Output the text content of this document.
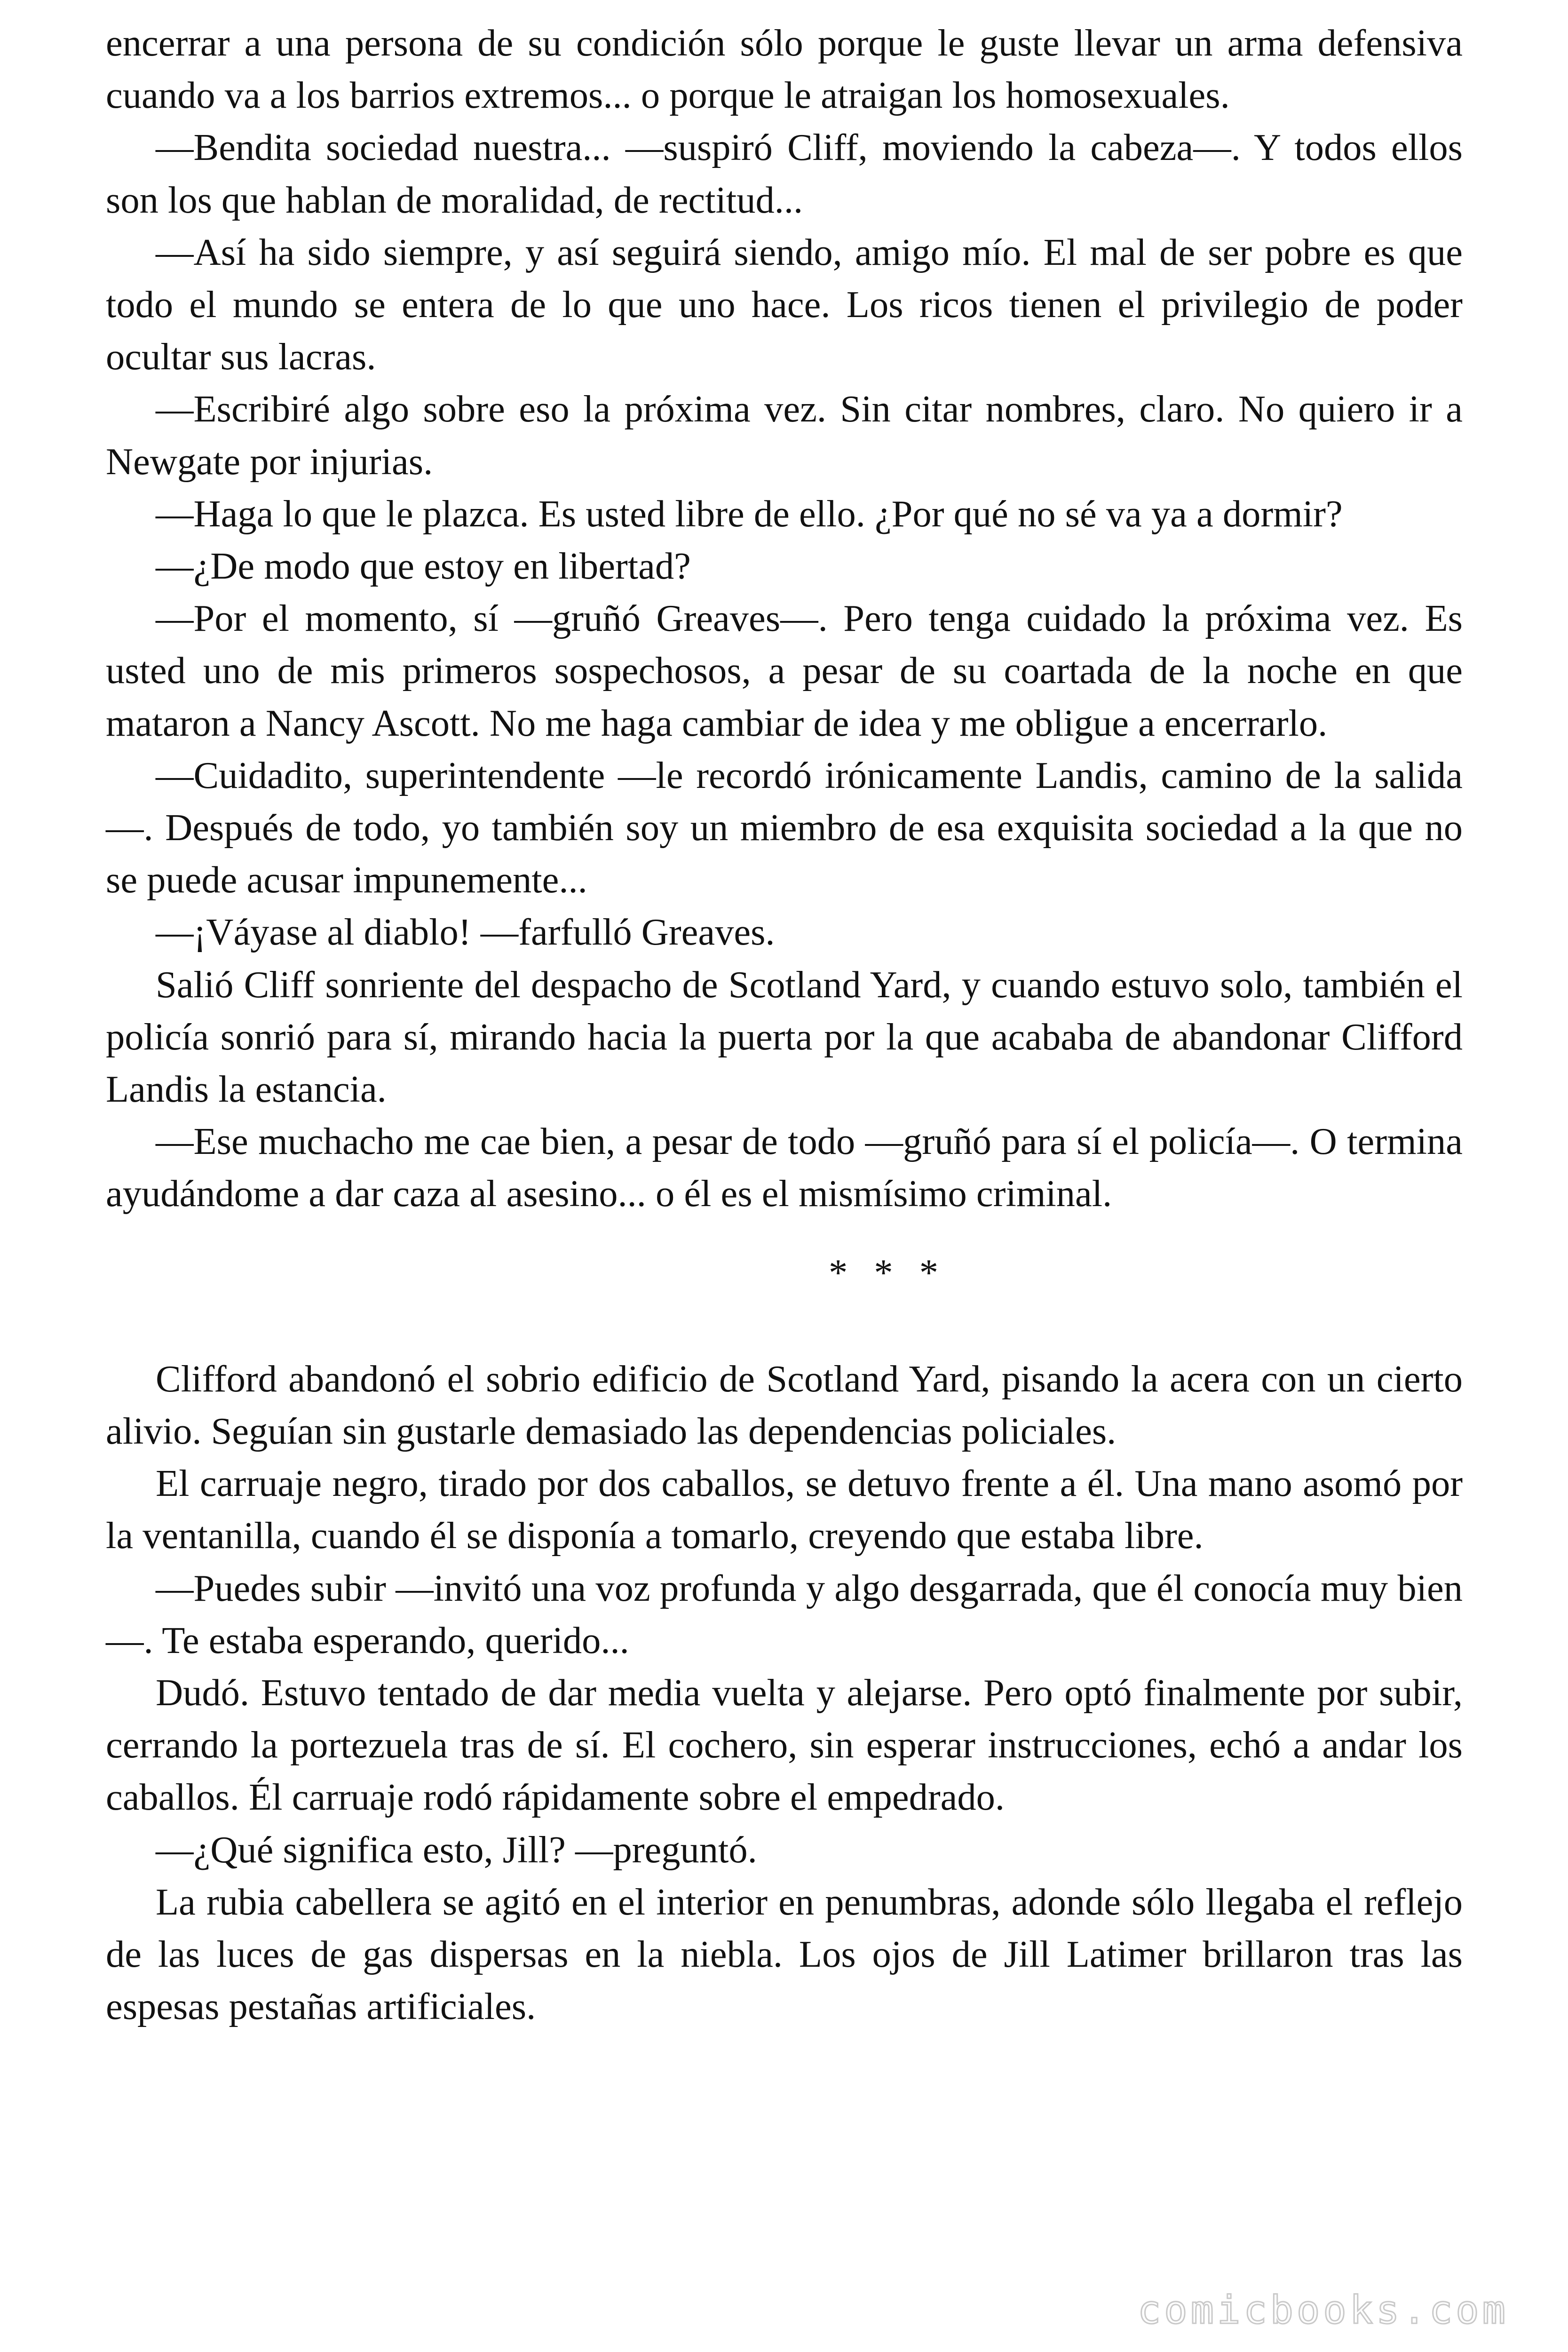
encerrar a una persona de su condición sólo porque le guste llevar un arma defensiva cuando va a los barrios extremos... o porque le atraigan los homosexuales.

—Bendita sociedad nuestra... —suspiró Cliff, moviendo la cabeza—. Y todos ellos son los que hablan de moralidad, de rectitud...

—Así ha sido siempre, y así seguirá siendo, amigo mío. El mal de ser pobre es que todo el mundo se entera de lo que uno hace. Los ricos tienen el privilegio de poder ocultar sus lacras.

—Escribiré algo sobre eso la próxima vez. Sin citar nombres, claro. No quiero ir a Newgate por injurias.

—Haga lo que le plazca. Es usted libre de ello. ¿Por qué no sé va ya a dormir?

—¿De modo que estoy en libertad?

—Por el momento, sí —gruñó Greaves—. Pero tenga cuidado la próxima vez. Es usted uno de mis primeros sospechosos, a pesar de su coartada de la noche en que mataron a Nancy Ascott. No me haga cambiar de idea y me obligue a encerrarlo.

—Cuidadito, superintendente —le recordó irónicamente Landis, camino de la salida—. Después de todo, yo también soy un miembro de esa exquisita sociedad a la que no se puede acusar impunemente...

—¡Váyase al diablo! —farfulló Greaves.

Salió Cliff sonriente del despacho de Scotland Yard, y cuando estuvo solo, también el policía sonrió para sí, mirando hacia la puerta por la que acababa de abandonar Clifford Landis la estancia.

—Ese muchacho me cae bien, a pesar de todo —gruñó para sí el policía—. O termina ayudándome a dar caza al asesino... o él es el mismísimo criminal.

* * *

Clifford abandonó el sobrio edificio de Scotland Yard, pisando la acera con un cierto alivio. Seguían sin gustarle demasiado las dependencias policiales.

El carruaje negro, tirado por dos caballos, se detuvo frente a él. Una mano asomó por la ventanilla, cuando él se disponía a tomarlo, creyendo que estaba libre.

—Puedes subir —invitó una voz profunda y algo desgarrada, que él conocía muy bien—. Te estaba esperando, querido...

Dudó. Estuvo tentado de dar media vuelta y alejarse. Pero optó finalmente por subir, cerrando la portezuela tras de sí. El cochero, sin esperar instrucciones, echó a andar los caballos. Él carruaje rodó rápidamente sobre el empedrado.

—¿Qué significa esto, Jill? —preguntó.

La rubia cabellera se agitó en el interior en penumbras, adonde sólo llegaba el reflejo de las luces de gas dispersas en la niebla. Los ojos de Jill Latimer brillaron tras las espesas pestañas artificiales.

comicbooks.com
